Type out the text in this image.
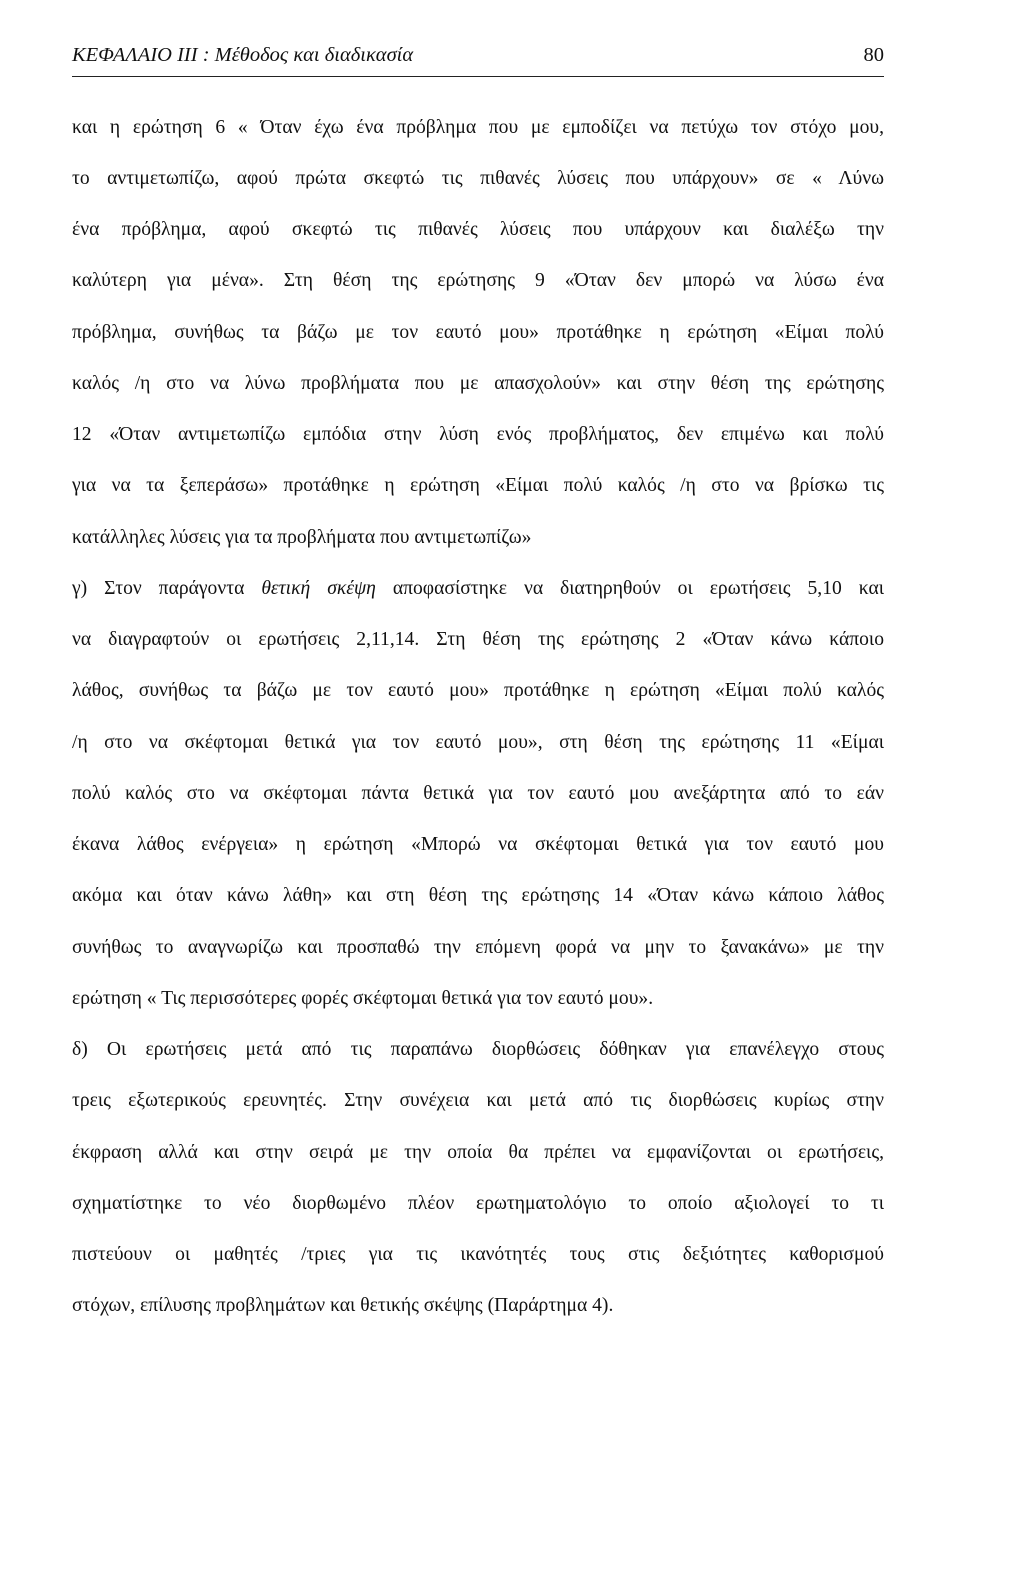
ΚΕΦΑΛΑΙΟ ΙΙΙ : Μέθοδος και διαδικασία	80
και η ερώτηση 6 « Όταν έχω ένα πρόβλημα που με εμποδίζει να πετύχω τον στόχο μου,
το αντιμετωπίζω, αφού πρώτα σκεφτώ τις πιθανές λύσεις που υπάρχουν» σε « Λύνω
ένα πρόβλημα, αφού σκεφτώ τις πιθανές λύσεις που υπάρχουν και διαλέξω την
καλύτερη για μένα». Στη θέση της ερώτησης 9 «Όταν δεν μπορώ να λύσω ένα
πρόβλημα, συνήθως τα βάζω με τον εαυτό μου» προτάθηκε η ερώτηση «Είμαι πολύ
καλός /η στο να λύνω προβλήματα που με απασχολούν» και στην θέση της ερώτησης
12 «Όταν αντιμετωπίζω εμπόδια στην λύση ενός προβλήματος, δεν επιμένω και πολύ
για να τα ξεπεράσω» προτάθηκε η ερώτηση «Είμαι πολύ καλός /η στο να βρίσκω τις
κατάλληλες λύσεις για τα προβλήματα που αντιμετωπίζω»
γ) Στον παράγοντα θετική σκέψη αποφασίστηκε να διατηρηθούν οι ερωτήσεις 5,10 και
να διαγραφτούν οι ερωτήσεις 2,11,14. Στη θέση της ερώτησης 2 «Όταν κάνω κάποιο
λάθος, συνήθως τα βάζω με τον εαυτό μου» προτάθηκε η ερώτηση «Είμαι πολύ καλός
/η στο να σκέφτομαι θετικά για τον εαυτό μου», στη θέση της ερώτησης 11 «Είμαι
πολύ καλός στο να σκέφτομαι πάντα θετικά για τον εαυτό μου ανεξάρτητα από το εάν
έκανα λάθος ενέργεια» η ερώτηση «Μπορώ να σκέφτομαι θετικά για τον εαυτό μου
ακόμα και όταν κάνω λάθη» και στη θέση της ερώτησης 14 «Όταν κάνω κάποιο λάθος
συνήθως το αναγνωρίζω και προσπαθώ την επόμενη φορά να μην το ξανακάνω» με την
ερώτηση « Τις περισσότερες φορές σκέφτομαι θετικά για τον εαυτό μου».
δ) Οι ερωτήσεις μετά από τις παραπάνω διορθώσεις δόθηκαν για επανέλεγχο στους
τρεις εξωτερικούς ερευνητές. Στην συνέχεια και μετά από τις διορθώσεις κυρίως στην
έκφραση αλλά και στην σειρά με την οποία θα πρέπει να εμφανίζονται οι ερωτήσεις,
σχηματίστηκε το νέο διορθωμένο πλέον ερωτηματολόγιο το οποίο αξιολογεί το τι
πιστεύουν οι μαθητές /τριες για τις ικανότητές τους στις δεξιότητες καθορισμού
στόχων, επίλυσης προβλημάτων και θετικής σκέψης (Παράρτημα 4).
